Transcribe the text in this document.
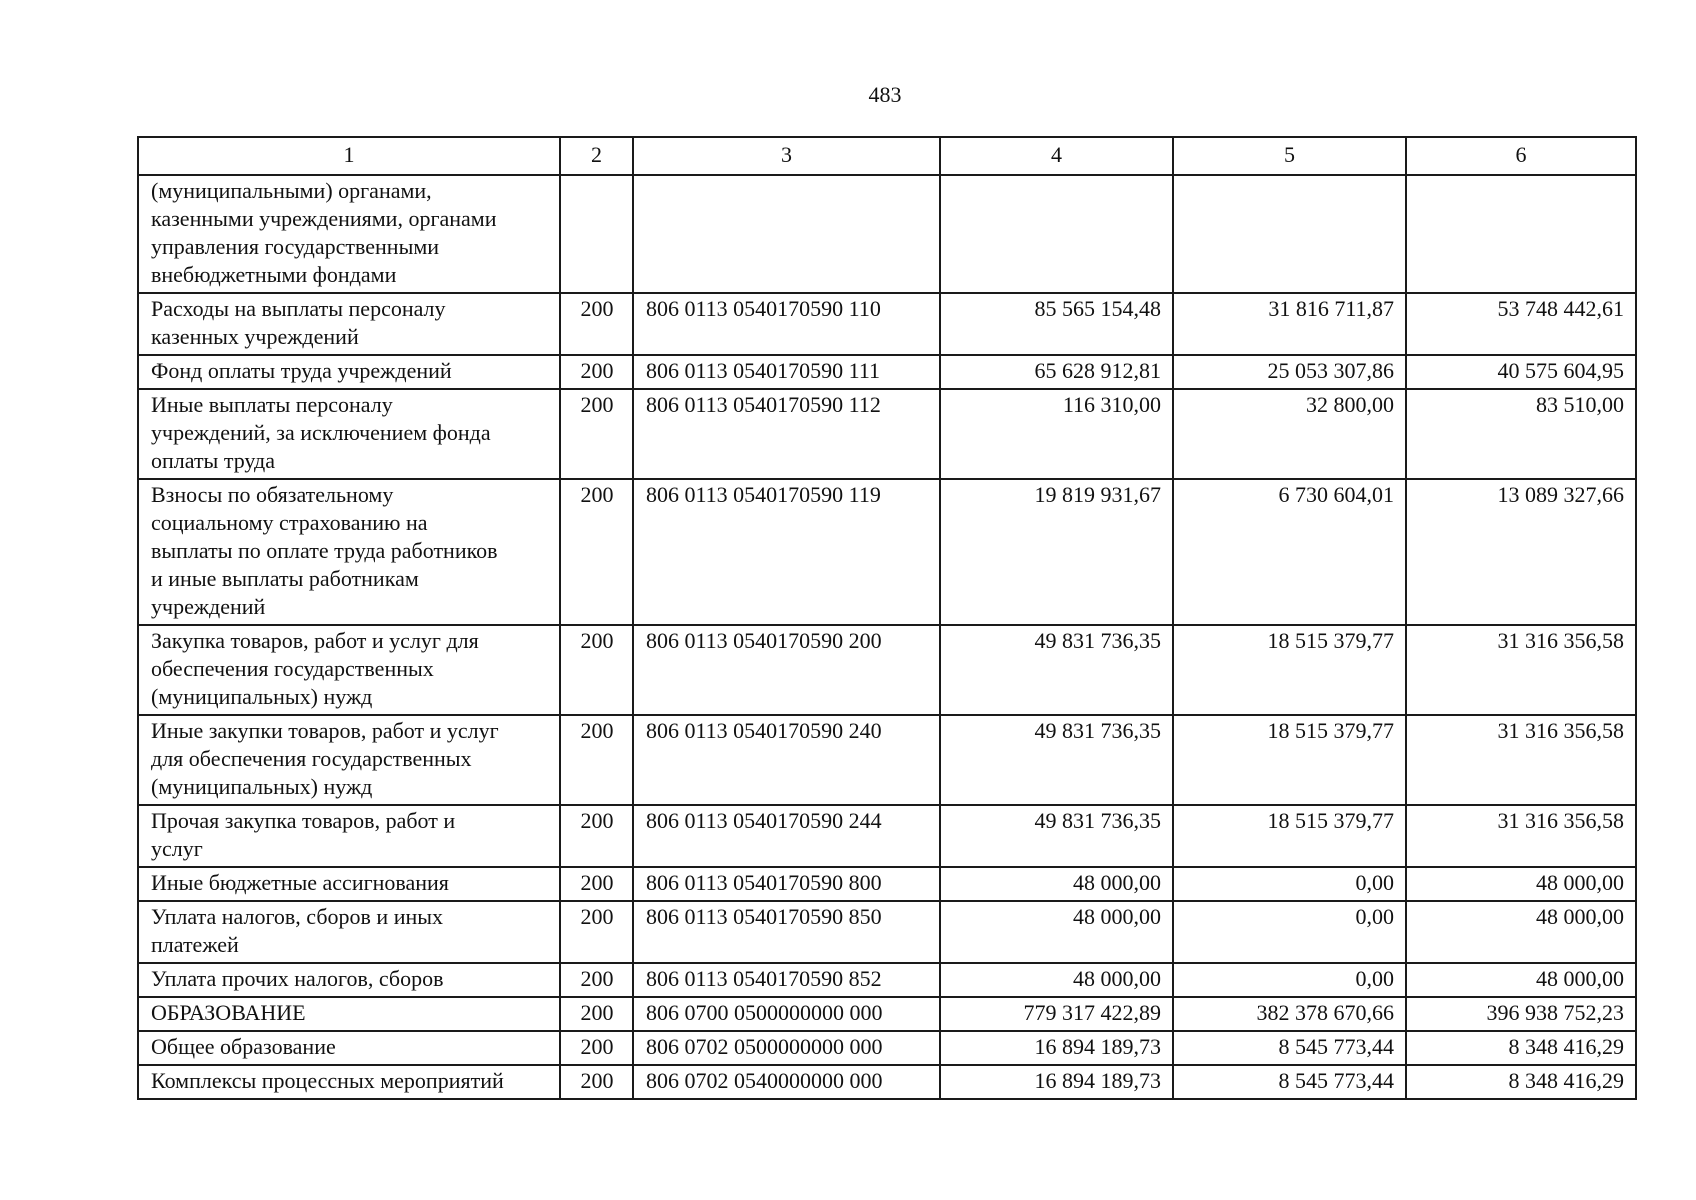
483
1	2	3	4	5	6
(муниципальными) органами,
казенными учреждениями, органами
управления государственными
внебюджетными фондами					
Расходы на выплаты персоналу
казенных учреждений	200	806 0113 0540170590 110	85 565 154,48	31 816 711,87	53 748 442,61
Фонд оплаты труда учреждений	200	806 0113 0540170590 111	65 628 912,81	25 053 307,86	40 575 604,95
Иные выплаты персоналу
учреждений, за исключением фонда
оплаты труда	200	806 0113 0540170590 112	116 310,00	32 800,00	83 510,00
Взносы по обязательному
социальному страхованию на
выплаты по оплате труда работников
и иные выплаты работникам
учреждений	200	806 0113 0540170590 119	19 819 931,67	6 730 604,01	13 089 327,66
Закупка товаров, работ и услуг для
обеспечения государственных
(муниципальных) нужд	200	806 0113 0540170590 200	49 831 736,35	18 515 379,77	31 316 356,58
Иные закупки товаров, работ и услуг
для обеспечения государственных
(муниципальных) нужд	200	806 0113 0540170590 240	49 831 736,35	18 515 379,77	31 316 356,58
Прочая закупка товаров, работ и
услуг	200	806 0113 0540170590 244	49 831 736,35	18 515 379,77	31 316 356,58
Иные бюджетные ассигнования	200	806 0113 0540170590 800	48 000,00	0,00	48 000,00
Уплата налогов, сборов и иных
платежей	200	806 0113 0540170590 850	48 000,00	0,00	48 000,00
Уплата прочих налогов, сборов	200	806 0113 0540170590 852	48 000,00	0,00	48 000,00
ОБРАЗОВАНИЕ	200	806 0700 0500000000 000	779 317 422,89	382 378 670,66	396 938 752,23
Общее образование	200	806 0702 0500000000 000	16 894 189,73	8 545 773,44	8 348 416,29
Комплексы процессных мероприятий	200	806 0702 0540000000 000	16 894 189,73	8 545 773,44	8 348 416,29
